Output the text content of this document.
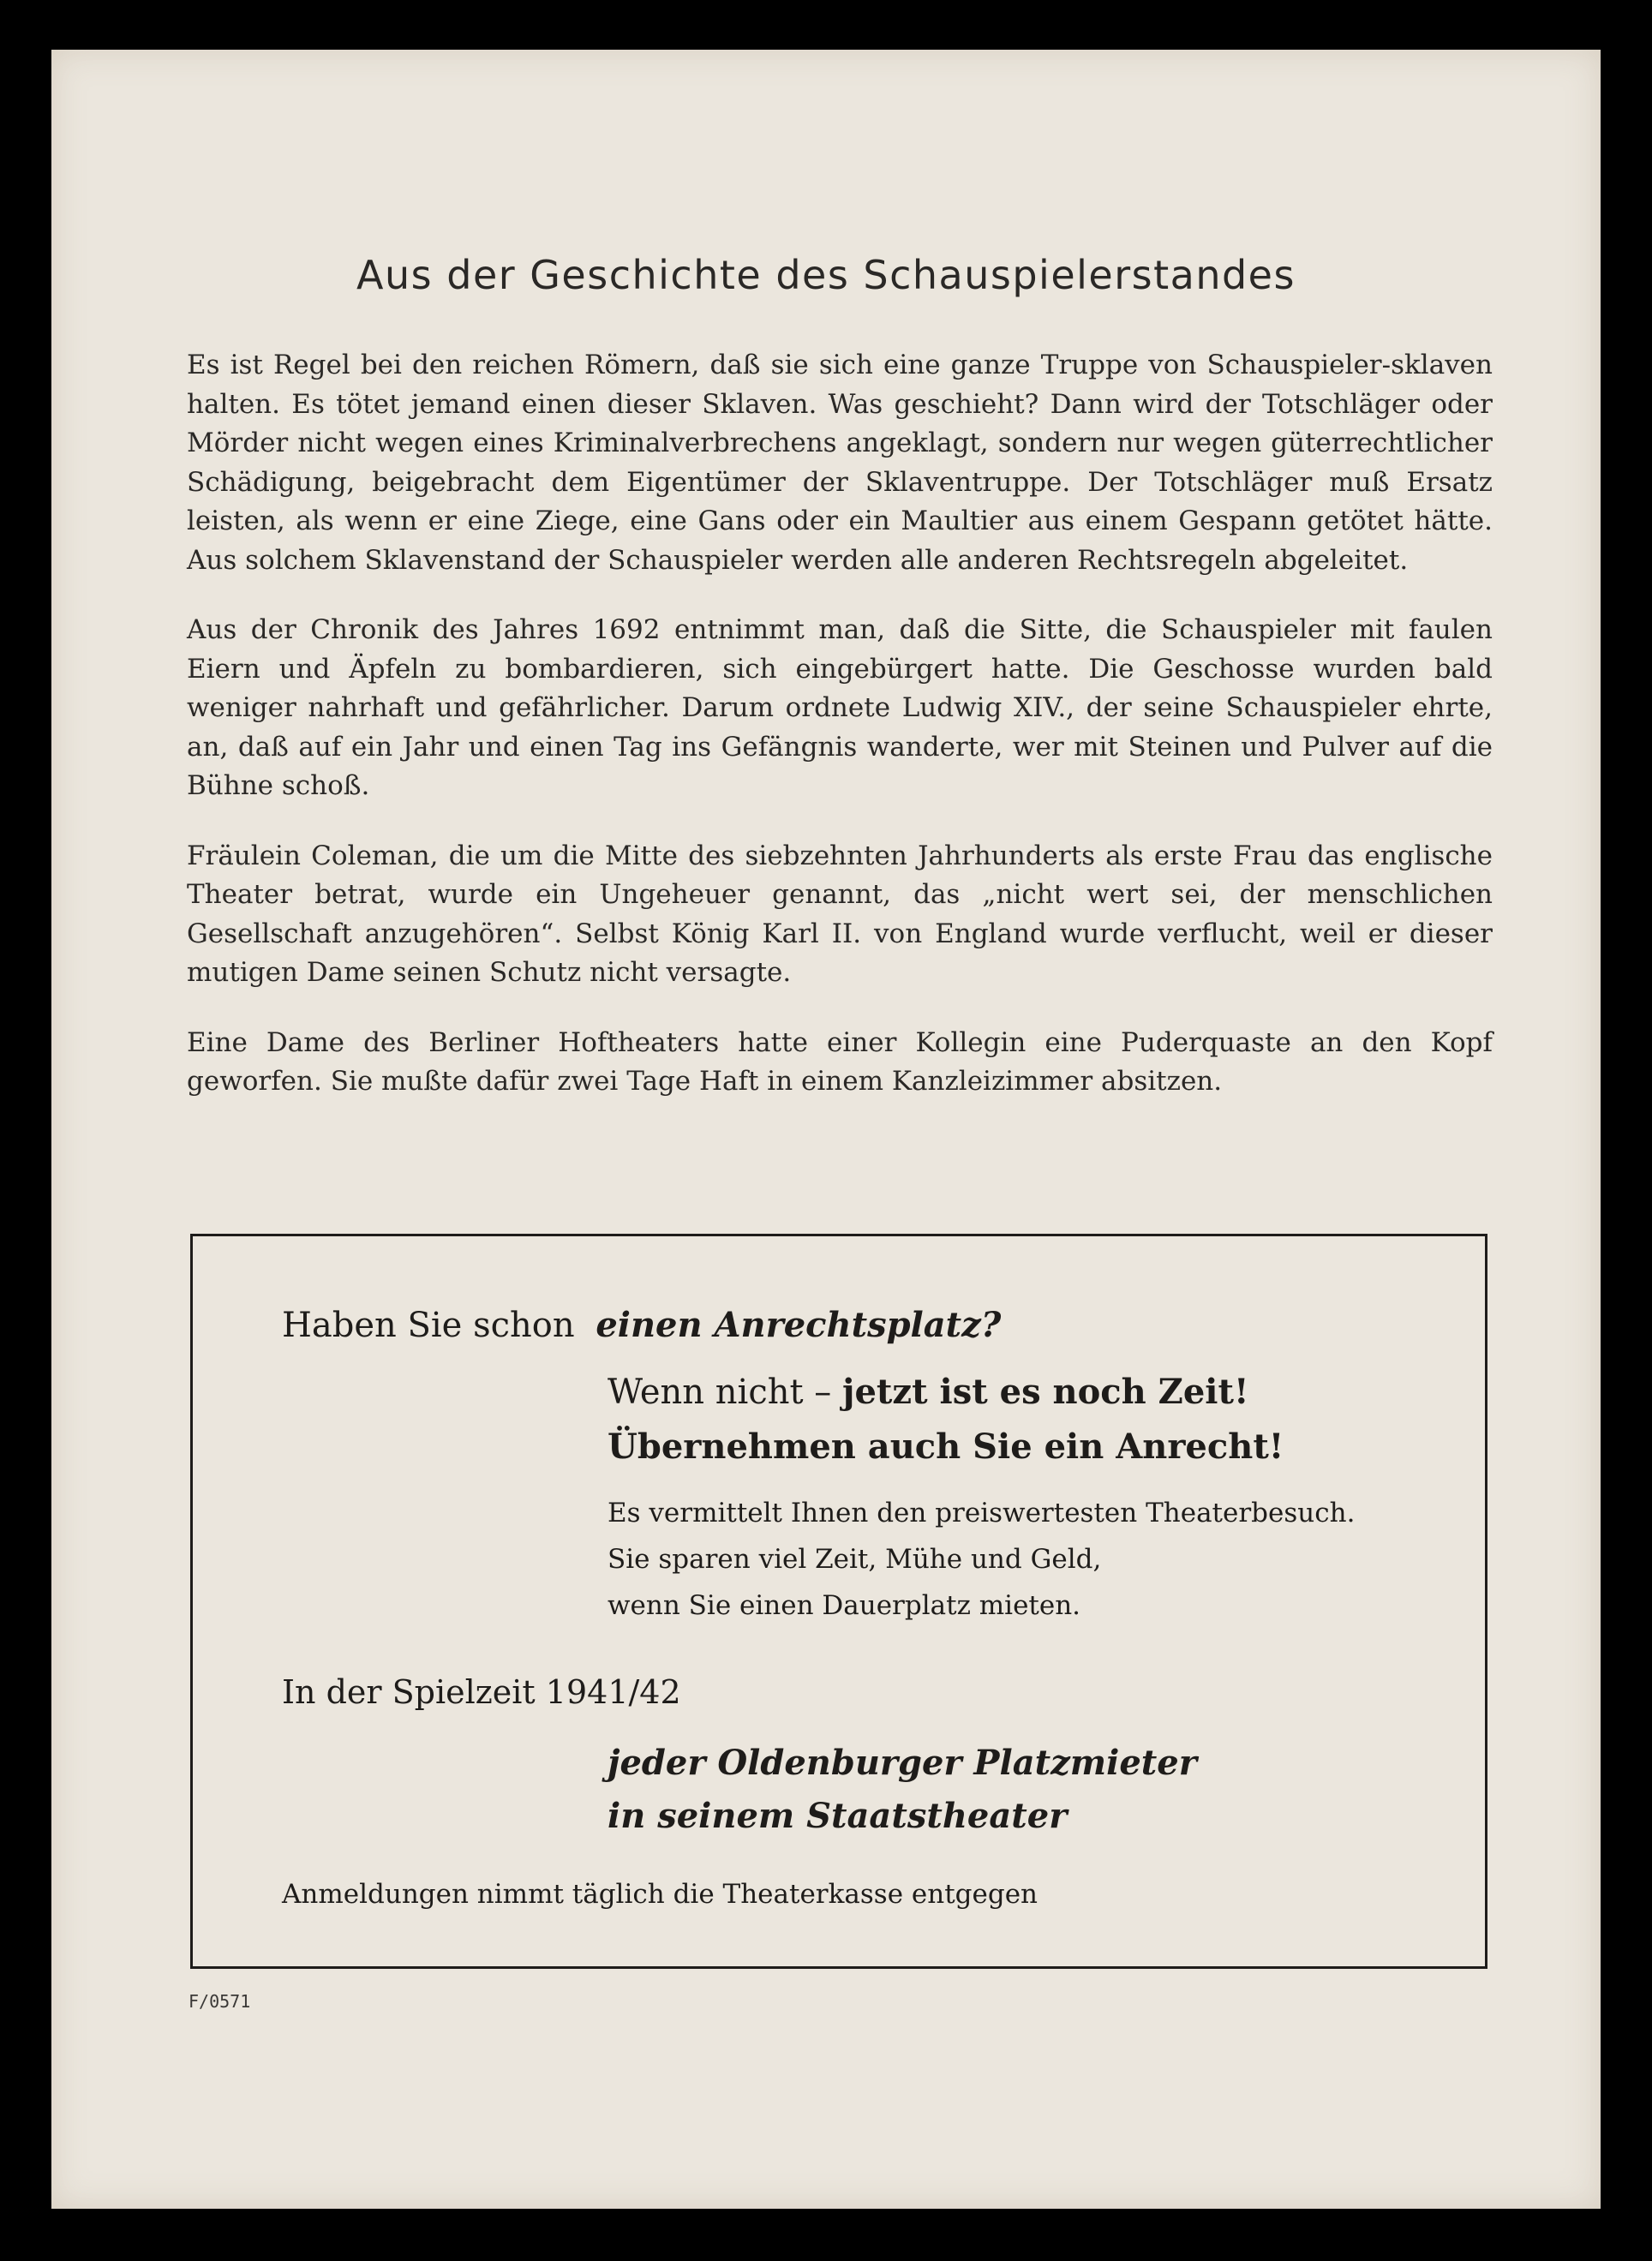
Aus der Geschichte des Schauspielerstandes

Es ist Regel bei den reichen Römern, daß sie sich eine ganze Truppe von Schauspieler-sklaven halten. Es tötet jemand einen dieser Sklaven. Was geschieht? Dann wird der Totschläger oder Mörder nicht wegen eines Kriminalverbrechens angeklagt, sondern nur wegen güterrechtlicher Schädigung, beigebracht dem Eigentümer der Sklaventruppe. Der Totschläger muß Ersatz leisten, als wenn er eine Ziege, eine Gans oder ein Maultier aus einem Gespann getötet hätte. Aus solchem Sklavenstand der Schauspieler werden alle anderen Rechtsregeln abgeleitet.

Aus der Chronik des Jahres 1692 entnimmt man, daß die Sitte, die Schauspieler mit faulen Eiern und Äpfeln zu bombardieren, sich eingebürgert hatte. Die Geschosse wurden bald weniger nahrhaft und gefährlicher. Darum ordnete Ludwig XIV., der seine Schauspieler ehrte, an, daß auf ein Jahr und einen Tag ins Gefängnis wanderte, wer mit Steinen und Pulver auf die Bühne schoß.

Fräulein Coleman, die um die Mitte des siebzehnten Jahrhunderts als erste Frau das englische Theater betrat, wurde ein Ungeheuer genannt, das „nicht wert sei, der menschlichen Gesellschaft anzugehören“. Selbst König Karl II. von England wurde verflucht, weil er dieser mutigen Dame seinen Schutz nicht versagte.

Eine Dame des Berliner Hoftheaters hatte einer Kollegin eine Puderquaste an den Kopf geworfen. Sie mußte dafür zwei Tage Haft in einem Kanzleizimmer absitzen.

Haben Sie schon einen Anrechtsplatz?
Wenn nicht – jetzt ist es noch Zeit!
Übernehmen auch Sie ein Anrecht!
Es vermittelt Ihnen den preiswertesten Theaterbesuch.
Sie sparen viel Zeit, Mühe und Geld,
wenn Sie einen Dauerplatz mieten.
In der Spielzeit 1941/42
jeder Oldenburger Platzmieter
in seinem Staatstheater
Anmeldungen nimmt täglich die Theaterkasse entgegen
F/0571
